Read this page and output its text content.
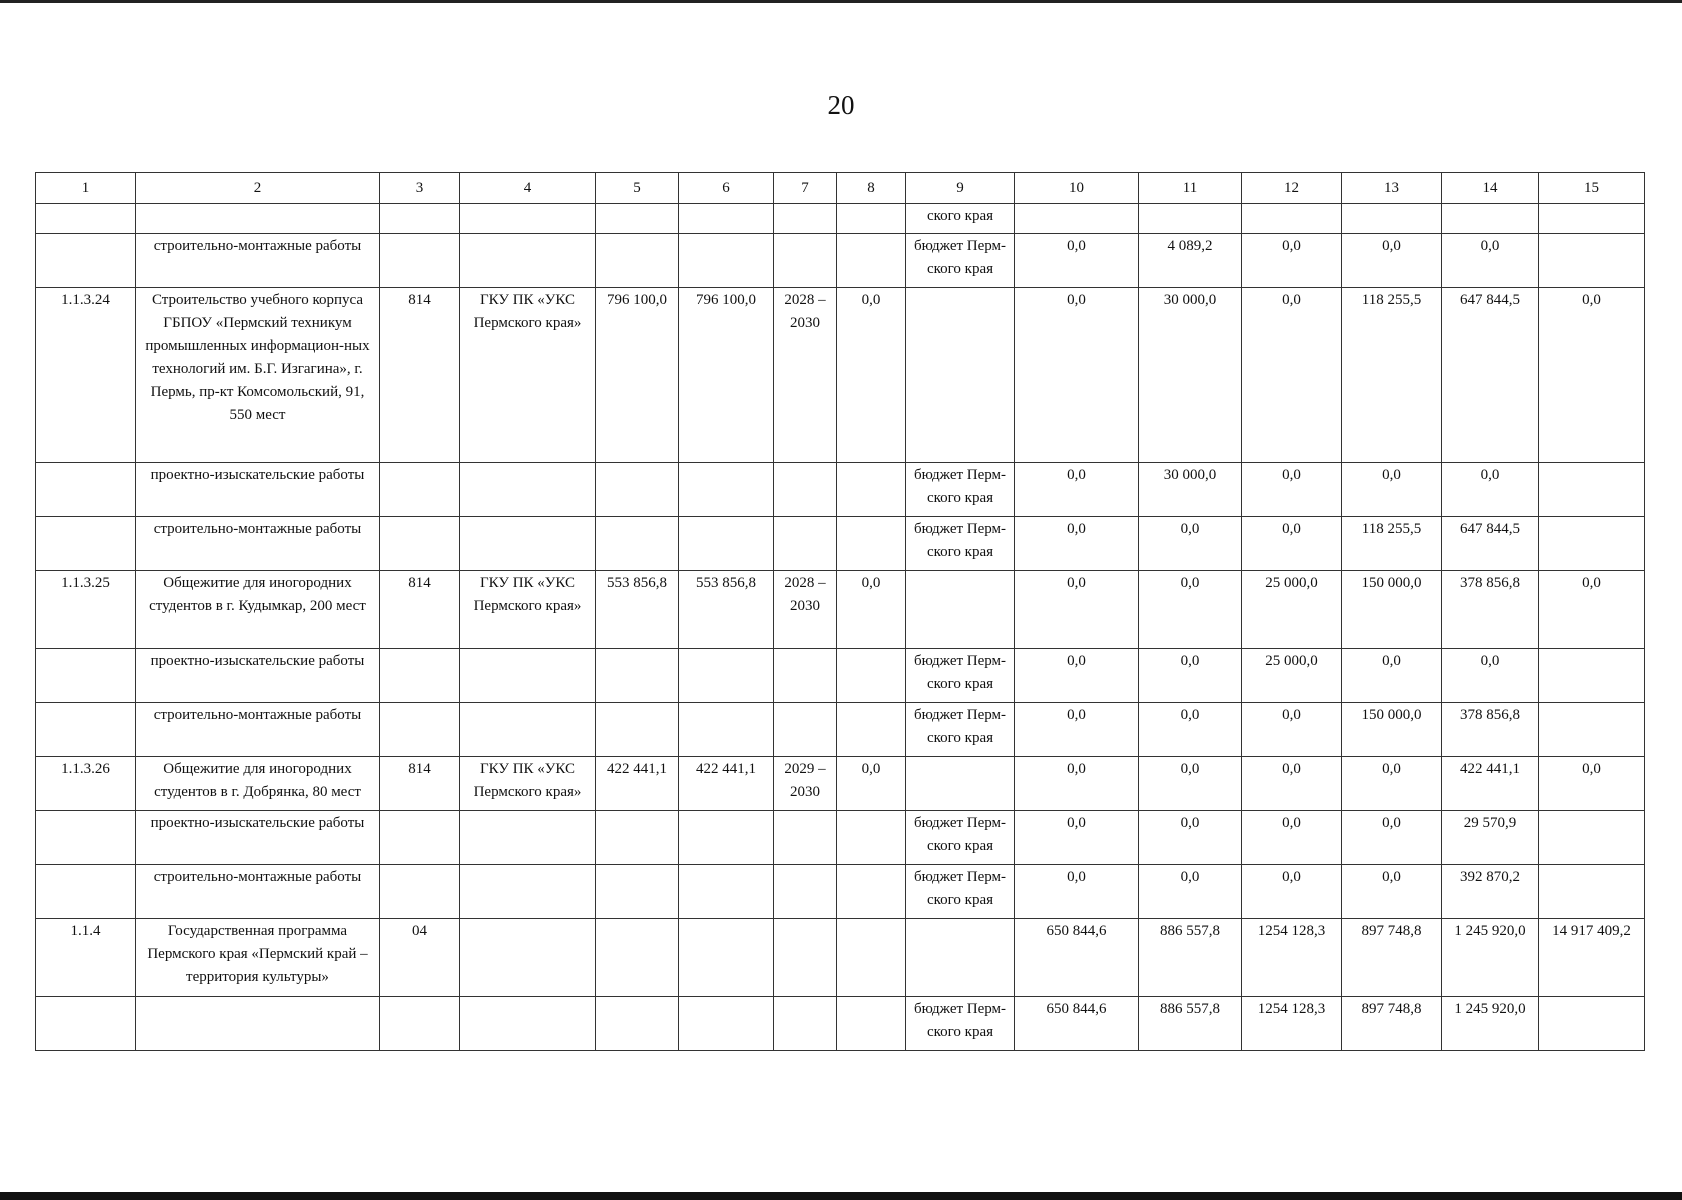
20
1	2	3	4	5	6	7	8	9	10	11	12	13	14	15
								ского края						
	строительно-монтажные работы							бюджет Перм-ского края	0,0	4 089,2	0,0	0,0	0,0	
1.1.3.24	Строительство учебного корпуса ГБПОУ «Пермский техникум промышленных информацион-ных технологий им. Б.Г. Изгагина», г. Пермь, пр-кт Комсомольский, 91, 550 мест	814	ГКУ ПК «УКС Пермского края»	796 100,0	796 100,0	2028 – 2030	0,0		0,0	30 000,0	0,0	118 255,5	647 844,5	0,0
	проектно-изыскательские работы							бюджет Перм-ского края	0,0	30 000,0	0,0	0,0	0,0	
	строительно-монтажные работы							бюджет Перм-ского края	0,0	0,0	0,0	118 255,5	647 844,5	
1.1.3.25	Общежитие для иногородних студентов в г. Кудымкар, 200 мест	814	ГКУ ПК «УКС Пермского края»	553 856,8	553 856,8	2028 – 2030	0,0		0,0	0,0	25 000,0	150 000,0	378 856,8	0,0
	проектно-изыскательские работы							бюджет Перм-ского края	0,0	0,0	25 000,0	0,0	0,0	
	строительно-монтажные работы							бюджет Перм-ского края	0,0	0,0	0,0	150 000,0	378 856,8	
1.1.3.26	Общежитие для иногородних студентов в г. Добрянка, 80 мест	814	ГКУ ПК «УКС Пермского края»	422 441,1	422 441,1	2029 – 2030	0,0		0,0	0,0	0,0	0,0	422 441,1	0,0
	проектно-изыскательские работы							бюджет Перм-ского края	0,0	0,0	0,0	0,0	29 570,9	
	строительно-монтажные работы							бюджет Перм-ского края	0,0	0,0	0,0	0,0	392 870,2	
1.1.4	Государственная программа Пермского края «Пермский край – территория культуры»	04							650 844,6	886 557,8	1254 128,3	897 748,8	1 245 920,0	14 917 409,2
								бюджет Перм-ского края	650 844,6	886 557,8	1254 128,3	897 748,8	1 245 920,0	
